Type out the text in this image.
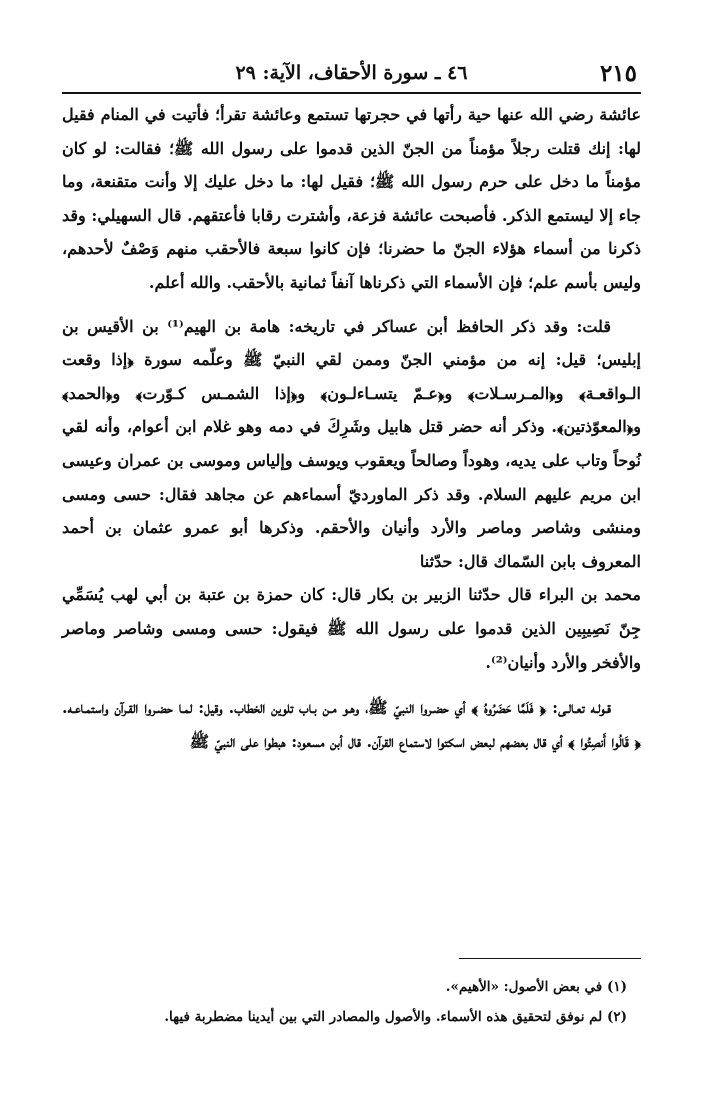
٢١٥
٤٦ ـ سورة الأحقاف، الآية: ٢٩

عائشة رضي الله عنها حية رأتها في حجرتها تستمع وعائشة تقرأ؛ فأتيت في المنام فقيل لها: إنك قتلت رجلاً مؤمناً من الجنّ الذين قدموا على رسول الله ﷺ؛ فقالت: لو كان مؤمناً ما دخل على حرم رسول الله ﷺ؛ فقيل لها: ما دخل عليك إلا وأنت متقنعة، وما جاء إلا ليستمع الذكر. فأصبحت عائشة فزعة، وأشترت رقابا فأعتقهم. قال السهيلي: وقد ذكرنا من أسماء هؤلاء الجنّ ما حضرنا؛ فإن كانوا سبعة فالأحقب منهم وَصْفٌ لأحدهم، وليس بأسم علم؛ فإن الأسماء التي ذكرناها آنفاً ثمانية بالأحقب. والله أعلم.

قلت: وقد ذكر الحافظ أبن عساكر في تاريخه: هامة بن الهيم⁽¹⁾ بن الأقيس بن إبليس؛ قيل: إنه من مؤمني الجنّ وممن لقي النبيّ ﷺ وعلّمه سورة ﴿إذا وقعت الـواقعـة﴾ و﴿المـرسـلات﴾ و﴿عـمّ يتسـاءلـون﴾ و﴿إذا الشمـس كـوّرت﴾ و﴿الحمد﴾ و﴿المعوّذتين﴾. وذكر أنه حضر قتل هابيل وشَرِكَ في دمه وهو غلام ابن أعوام، وأنه لقي نُوحاً وتاب على يديه، وهوداً وصالحاً ويعقوب ويوسف وإلياس وموسى بن عمران وعيسى ابن مريم عليهم السلام. وقد ذكر الماورديّ أسماءهم عن مجاهد فقال: حسى ومسى ومنشى وشاصر وماصر والأرد وأنيان والأحقم. وذكرها أبو عمرو عثمان بن أحمد المعروف بابن السّماك قال: حدّثنا

محمد بن البراء قال حدّثنا الزبير بن بكار قال: كان حمزة بن عتبة بن أبي لهب يُسَمِّي جِنّ نَصِيبِين الذين قدموا على رسول الله ﷺ فيقول: حسى ومسى وشاصر وماصر والأفخر والأرد وأنيان⁽²⁾.

قـولـه تعـالـى: ﴿ فَلَمَّا حَضَرُوهُ ﴾ أي حضـروا النبيّ ﷺ، وهـو مـن بـاب تلوين الخطاب. وقيل: لمـا حضـروا القـرآن واستمـاعـه. ﴿ قَالُوا أَنصِتُوا ﴾ أي قال بعضهم لبعض اسكتوا لاستماع القرآن. قال أبن مسعود: هبطوا على النبيّ ﷺ

(١) في بعض الأصول: «الأهيم».

(٢) لم نوفق لتحقيق هذه الأسماء. والأصول والمصادر التي بين أيدينا مضطربة فيها.
